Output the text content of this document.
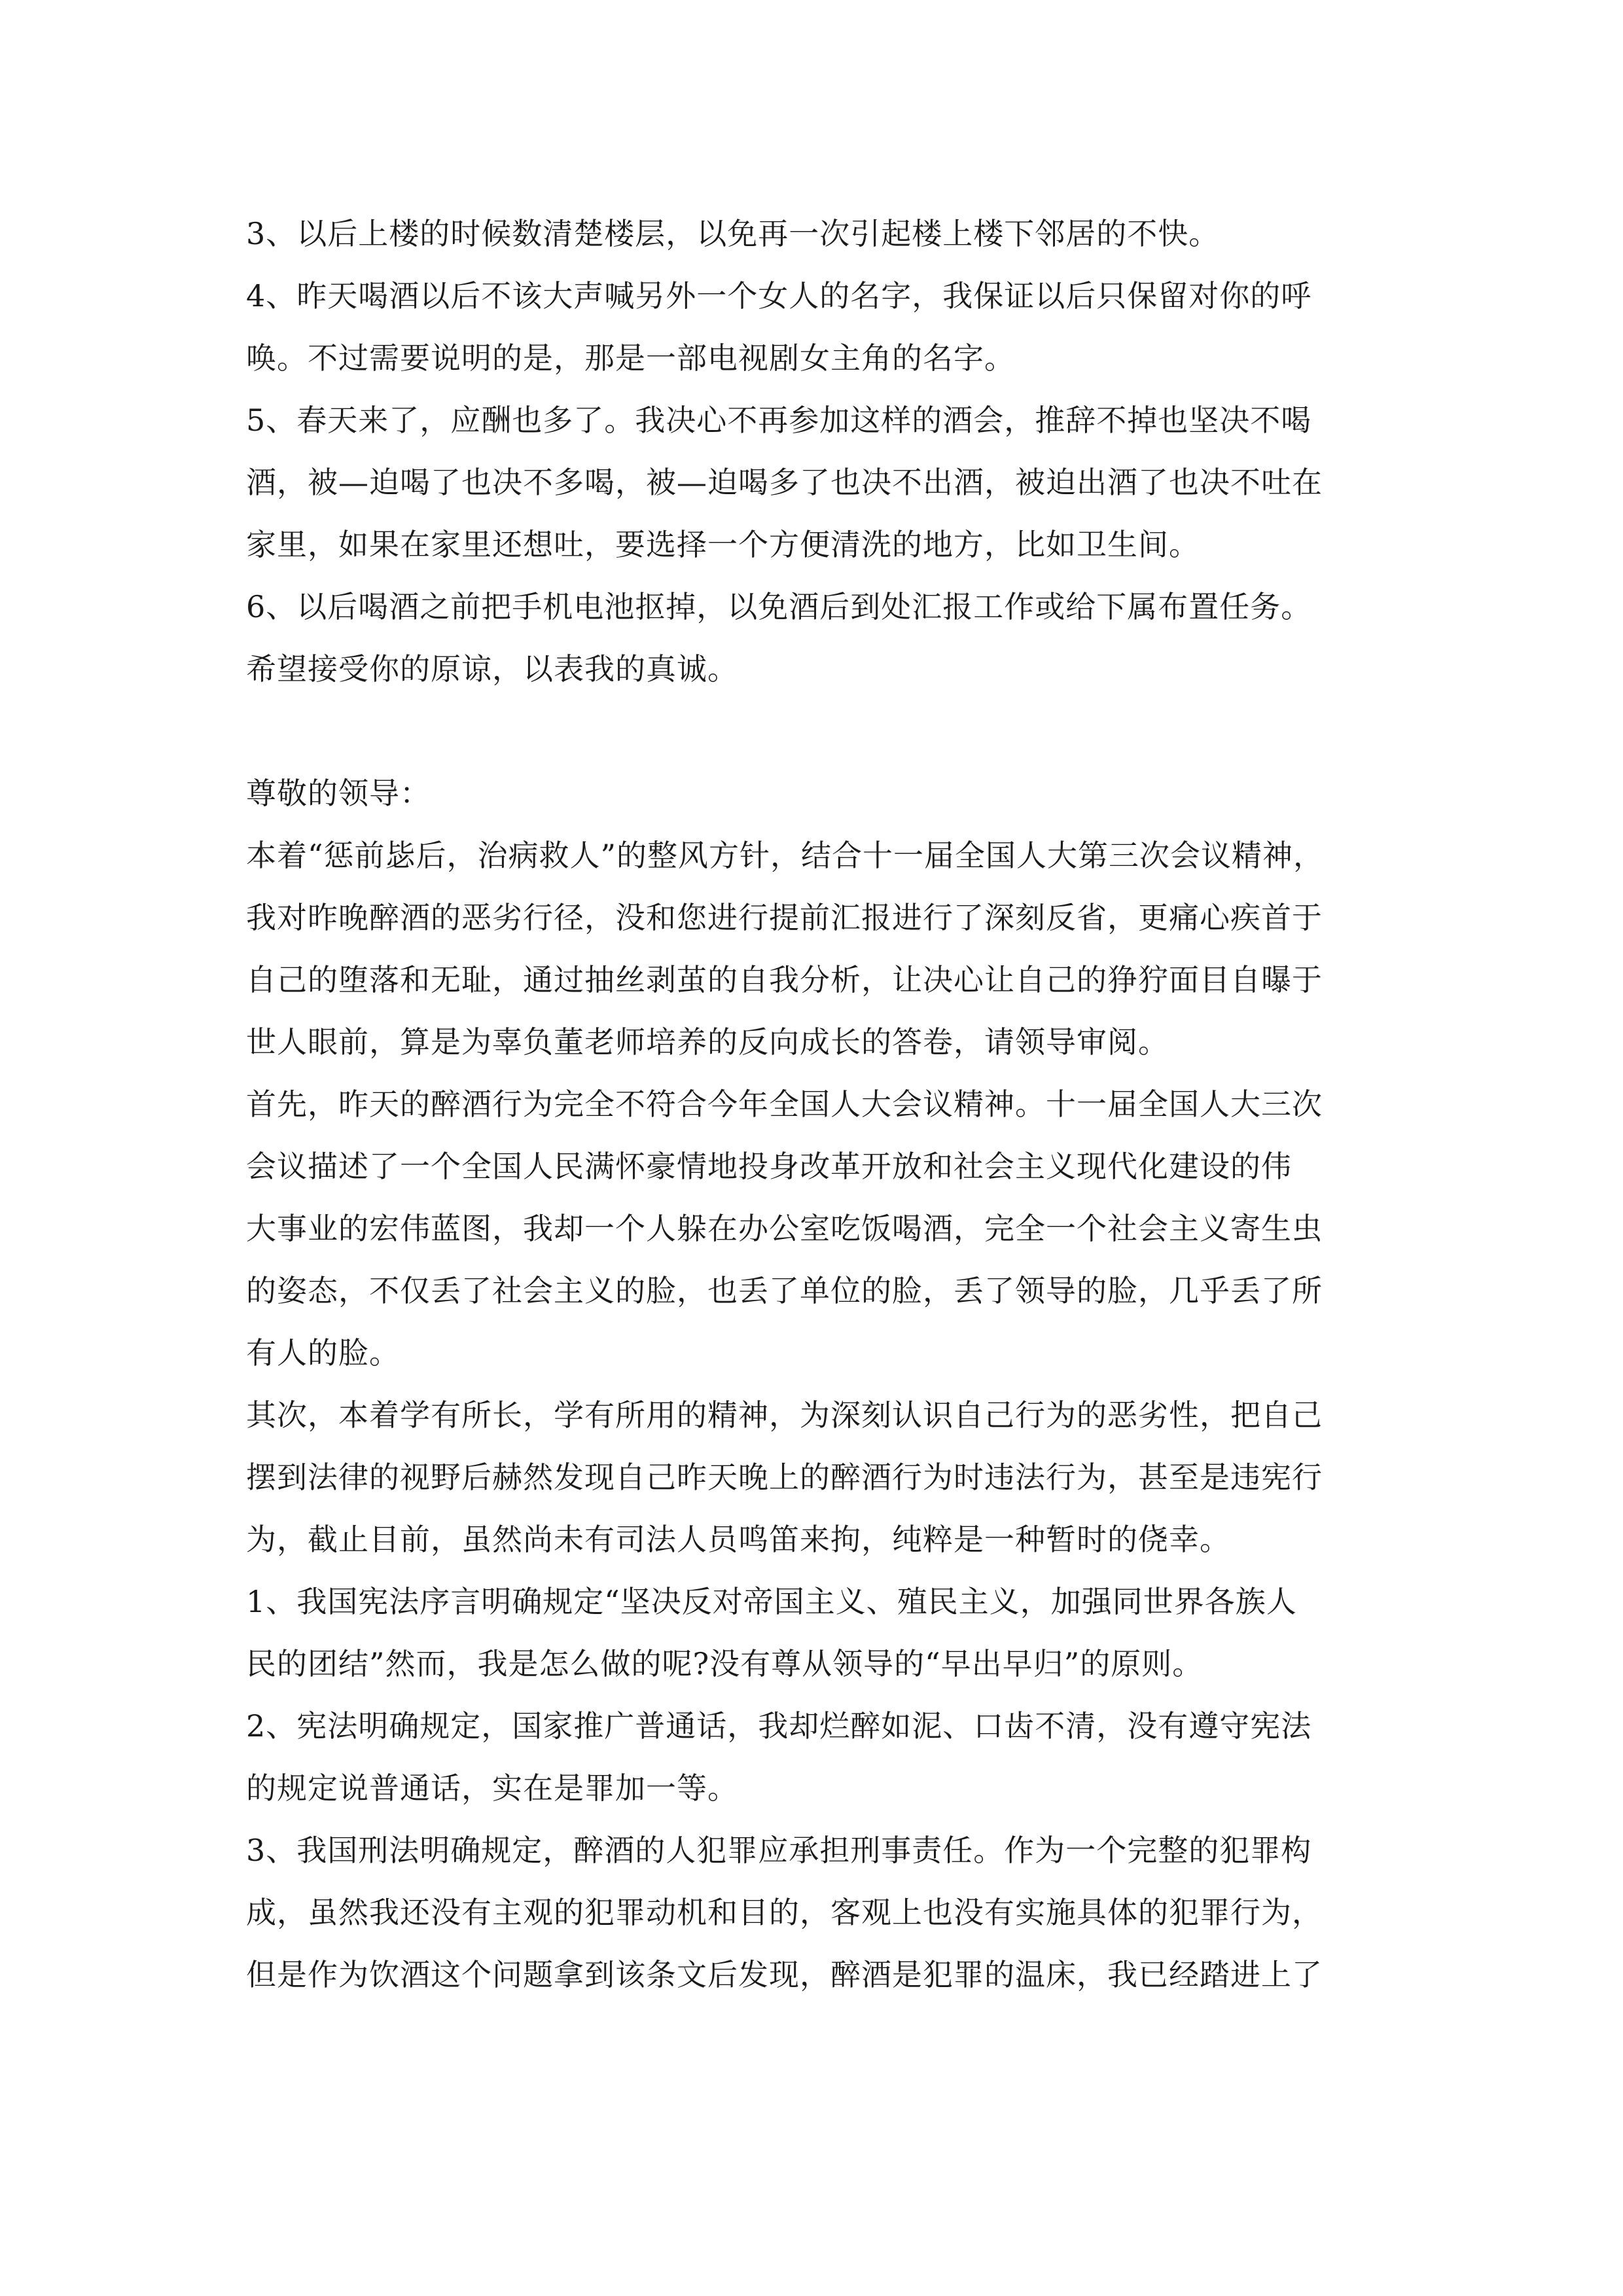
3、以后上楼的时候数清楚楼层，以免再一次引起楼上楼下邻居的不快。
4、昨天喝酒以后不该大声喊另外一个女人的名字，我保证以后只保留对你的呼
唤。不过需要说明的是，那是一部电视剧女主角的名字。
5、春天来了，应酬也多了。我决心不再参加这样的酒会，推辞不掉也坚决不喝
酒，被—迫喝了也决不多喝，被—迫喝多了也决不出酒，被迫出酒了也决不吐在
家里，如果在家里还想吐，要选择一个方便清洗的地方，比如卫生间。
6、以后喝酒之前把手机电池抠掉，以免酒后到处汇报工作或给下属布置任务。
希望接受你的原谅，以表我的真诚。
尊敬的领导：
本着“惩前毖后，治病救人”的整风方针，结合十一届全国人大第三次会议精神，
我对昨晚醉酒的恶劣行径，没和您进行提前汇报进行了深刻反省，更痛心疾首于
自己的堕落和无耻，通过抽丝剥茧的自我分析，让决心让自己的狰狞面目自曝于
世人眼前，算是为辜负董老师培养的反向成长的答卷，请领导审阅。
首先，昨天的醉酒行为完全不符合今年全国人大会议精神。十一届全国人大三次
会议描述了一个全国人民满怀豪情地投身改革开放和社会主义现代化建设的伟
大事业的宏伟蓝图，我却一个人躲在办公室吃饭喝酒，完全一个社会主义寄生虫
的姿态，不仅丢了社会主义的脸，也丢了单位的脸，丢了领导的脸，几乎丢了所
有人的脸。
其次，本着学有所长，学有所用的精神，为深刻认识自己行为的恶劣性，把自己
摆到法律的视野后赫然发现自己昨天晚上的醉酒行为时违法行为，甚至是违宪行
为，截止目前，虽然尚未有司法人员鸣笛来拘，纯粹是一种暂时的侥幸。
1、我国宪法序言明确规定“坚决反对帝国主义、殖民主义，加强同世界各族人
民的团结”然而，我是怎么做的呢?没有尊从领导的“早出早归”的原则。
2、宪法明确规定，国家推广普通话，我却烂醉如泥、口齿不清，没有遵守宪法
的规定说普通话，实在是罪加一等。
3、我国刑法明确规定，醉酒的人犯罪应承担刑事责任。作为一个完整的犯罪构
成，虽然我还没有主观的犯罪动机和目的，客观上也没有实施具体的犯罪行为，
但是作为饮酒这个问题拿到该条文后发现，醉酒是犯罪的温床，我已经踏进上了
